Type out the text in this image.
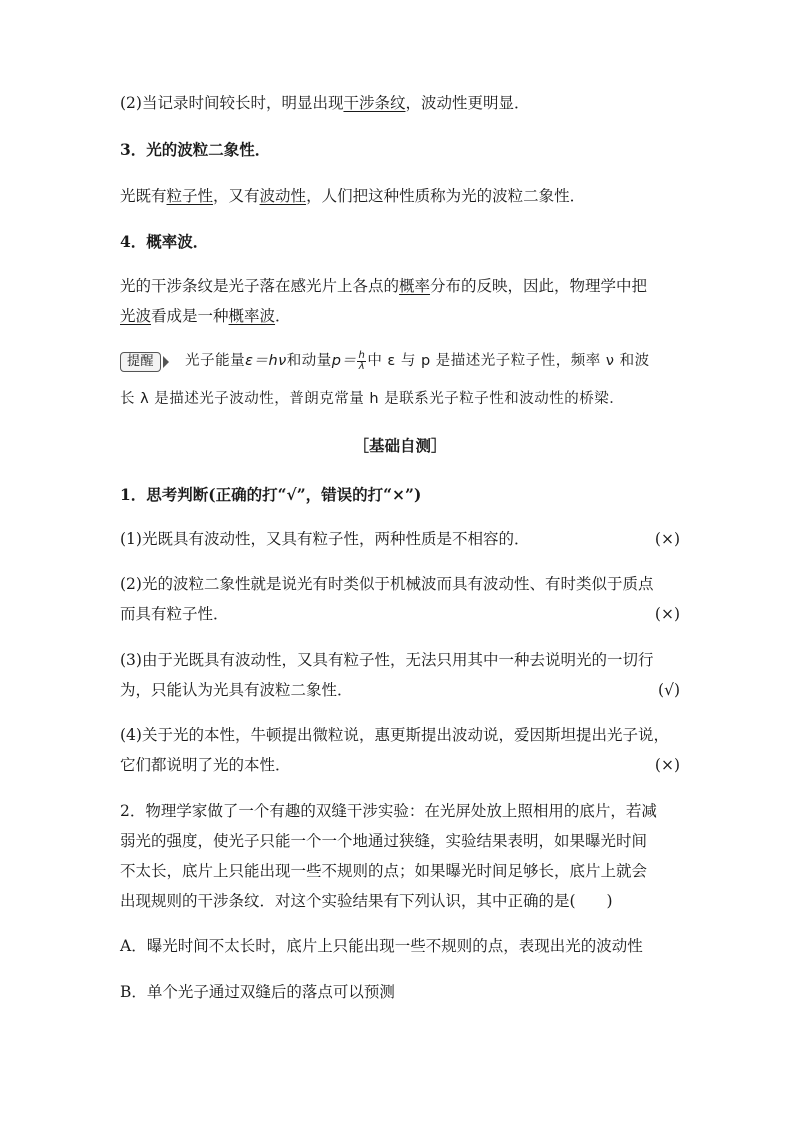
(2)当记录时间较长时，明显出现干涉条纹，波动性更明显．
3．光的波粒二象性．
光既有粒子性，又有波动性，人们把这种性质称为光的波粒二象性．
4．概率波．
光的干涉条纹是光子落在感光片上各点的概率分布的反映，因此，物理学中把
光波看成是一种概率波．
提醒　 光子能量ε＝hν和动量$p= \frac{h}{\lambda}$ 中 ε 与 p 是描述光子粒子性，频率 ν 和波
长 λ 是描述光子波动性，普朗克常量 h 是联系光子粒子性和波动性的桥梁．
［基础自测］
1．思考判断(正确的打“√”，错误的打“×”)
(1)光既具有波动性，又具有粒子性，两种性质是不相容的．	(×)
(2)光的波粒二象性就是说光有时类似于机械波而具有波动性、有时类似于质点
而具有粒子性．	(×)
(3)由于光既具有波动性，又具有粒子性，无法只用其中一种去说明光的一切行
为，只能认为光具有波粒二象性．	(√)
(4)关于光的本性，牛顿提出微粒说，惠更斯提出波动说，爱因斯坦提出光子说，
它们都说明了光的本性．	(×)
2．物理学家做了一个有趣的双缝干涉实验：在光屏处放上照相用的底片，若减
弱光的强度，使光子只能一个一个地通过狭缝，实验结果表明，如果曝光时间
不太长，底片上只能出现一些不规则的点；如果曝光时间足够长，底片上就会
出现规则的干涉条纹．对这个实验结果有下列认识，其中正确的是(　　)
A．曝光时间不太长时，底片上只能出现一些不规则的点，表现出光的波动性
B．单个光子通过双缝后的落点可以预测
